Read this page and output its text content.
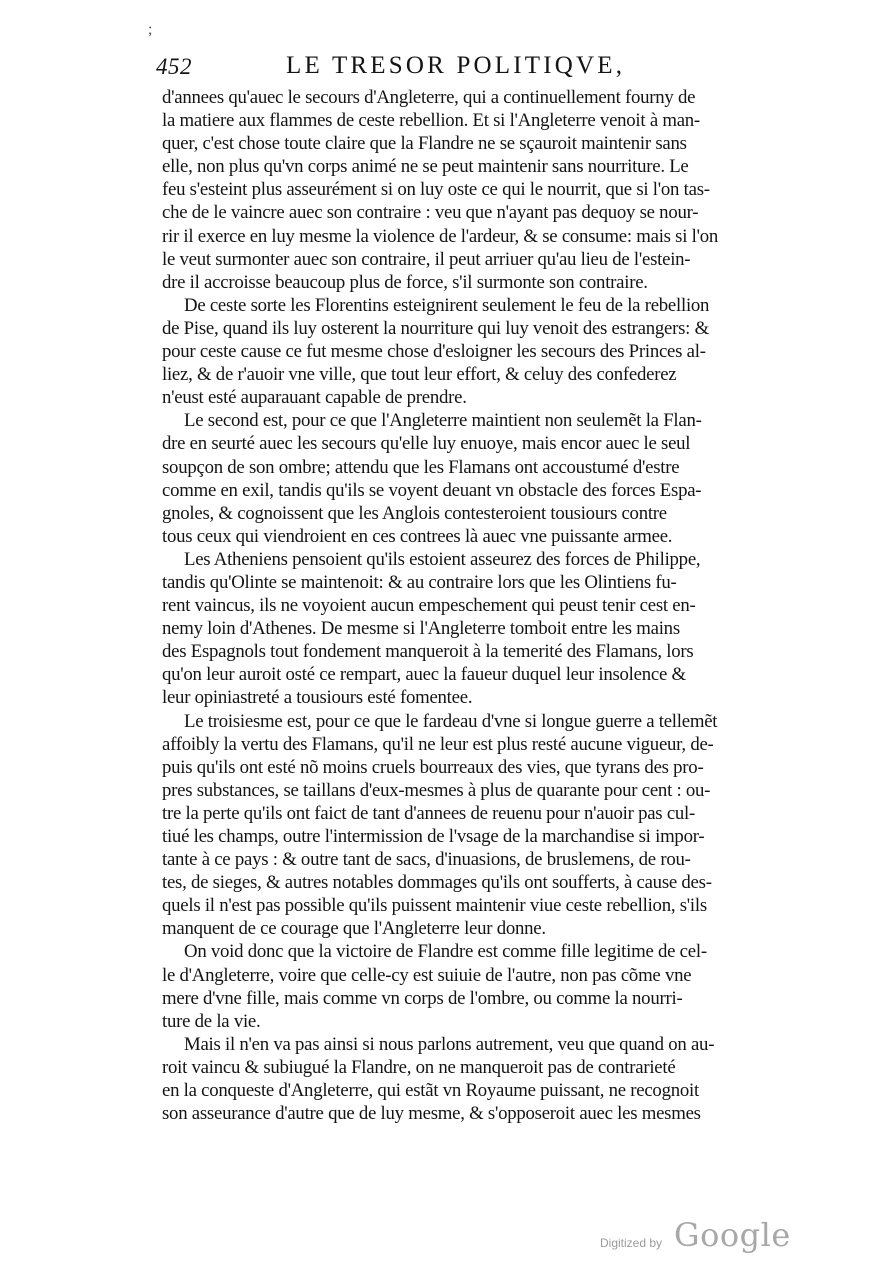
;
452	LE TRESOR POLITIQVE,
d'annees qu'auec le secours d'Angleterre, qui a continuellement fourny de
la matiere aux flammes de ceste rebellion. Et si l'Angleterre venoit à man-
quer, c'est chose toute claire que la Flandre ne se sçauroit maintenir sans
elle, non plus qu'vn corps animé ne se peut maintenir sans nourriture. Le
feu s'esteint plus asseurément si on luy oste ce qui le nourrit, que si l'on tas-
che de le vaincre auec son contraire : veu que n'ayant pas dequoy se nour-
rir il exerce en luy mesme la violence de l'ardeur, & se consume: mais si l'on
le veut surmonter auec son contraire, il peut arriuer qu'au lieu de l'estein-
dre il accroisse beaucoup plus de force, s'il surmonte son contraire.
De ceste sorte les Florentins esteignirent seulement le feu de la rebellion
de Pise, quand ils luy osterent la nourriture qui luy venoit des estrangers: &
pour ceste cause ce fut mesme chose d'esloigner les secours des Princes al-
liez, & de r'auoir vne ville, que tout leur effort, & celuy des confederez
n'eust esté auparauant capable de prendre.
Le second est, pour ce que l'Angleterre maintient non seulemẽt la Flan-
dre en seurté auec les secours qu'elle luy enuoye, mais encor auec le seul
soupçon de son ombre; attendu que les Flamans ont accoustumé d'estre
comme en exil, tandis qu'ils se voyent deuant vn obstacle des forces Espa-
gnoles, & cognoissent que les Anglois contesteroient tousiours contre
tous ceux qui viendroient en ces contrees là auec vne puissante armee.
Les Atheniens pensoient qu'ils estoient asseurez des forces de Philippe,
tandis qu'Olinte se maintenoit: & au contraire lors que les Olintiens fu-
rent vaincus, ils ne voyoient aucun empeschement qui peust tenir cest en-
nemy loin d'Athenes. De mesme si l'Angleterre tomboit entre les mains
des Espagnols tout fondement manqueroit à la temerité des Flamans, lors
qu'on leur auroit osté ce rempart, auec la faueur duquel leur insolence &
leur opiniastreté a tousiours esté fomentee.
Le troisiesme est, pour ce que le fardeau d'vne si longue guerre a tellemẽt
affoibly la vertu des Flamans, qu'il ne leur est plus resté aucune vigueur, de-
puis qu'ils ont esté nõ moins cruels bourreaux des vies, que tyrans des pro-
pres substances, se taillans d'eux-mesmes à plus de quarante pour cent : ou-
tre la perte qu'ils ont faict de tant d'annees de reuenu pour n'auoir pas cul-
tiué les champs, outre l'intermission de l'vsage de la marchandise si impor-
tante à ce pays : & outre tant de sacs, d'inuasions, de bruslemens, de rou-
tes, de sieges, & autres notables dommages qu'ils ont soufferts, à cause des-
quels il n'est pas possible qu'ils puissent maintenir viue ceste rebellion, s'ils
manquent de ce courage que l'Angleterre leur donne.
On void donc que la victoire de Flandre est comme fille legitime de cel-
le d'Angleterre, voire que celle-cy est suiuie de l'autre, non pas cõme vne
mere d'vne fille, mais comme vn corps de l'ombre, ou comme la nourri-
ture de la vie.
Mais il n'en va pas ainsi si nous parlons autrement, veu que quand on au-
roit vaincu & subiugué la Flandre, on ne manqueroit pas de contrarieté
en la conqueste d'Angleterre, qui estãt vn Royaume puissant, ne recognoit
son asseurance d'autre que de luy mesme, & s'opposeroit auec les mesmes
Digitized by Google
